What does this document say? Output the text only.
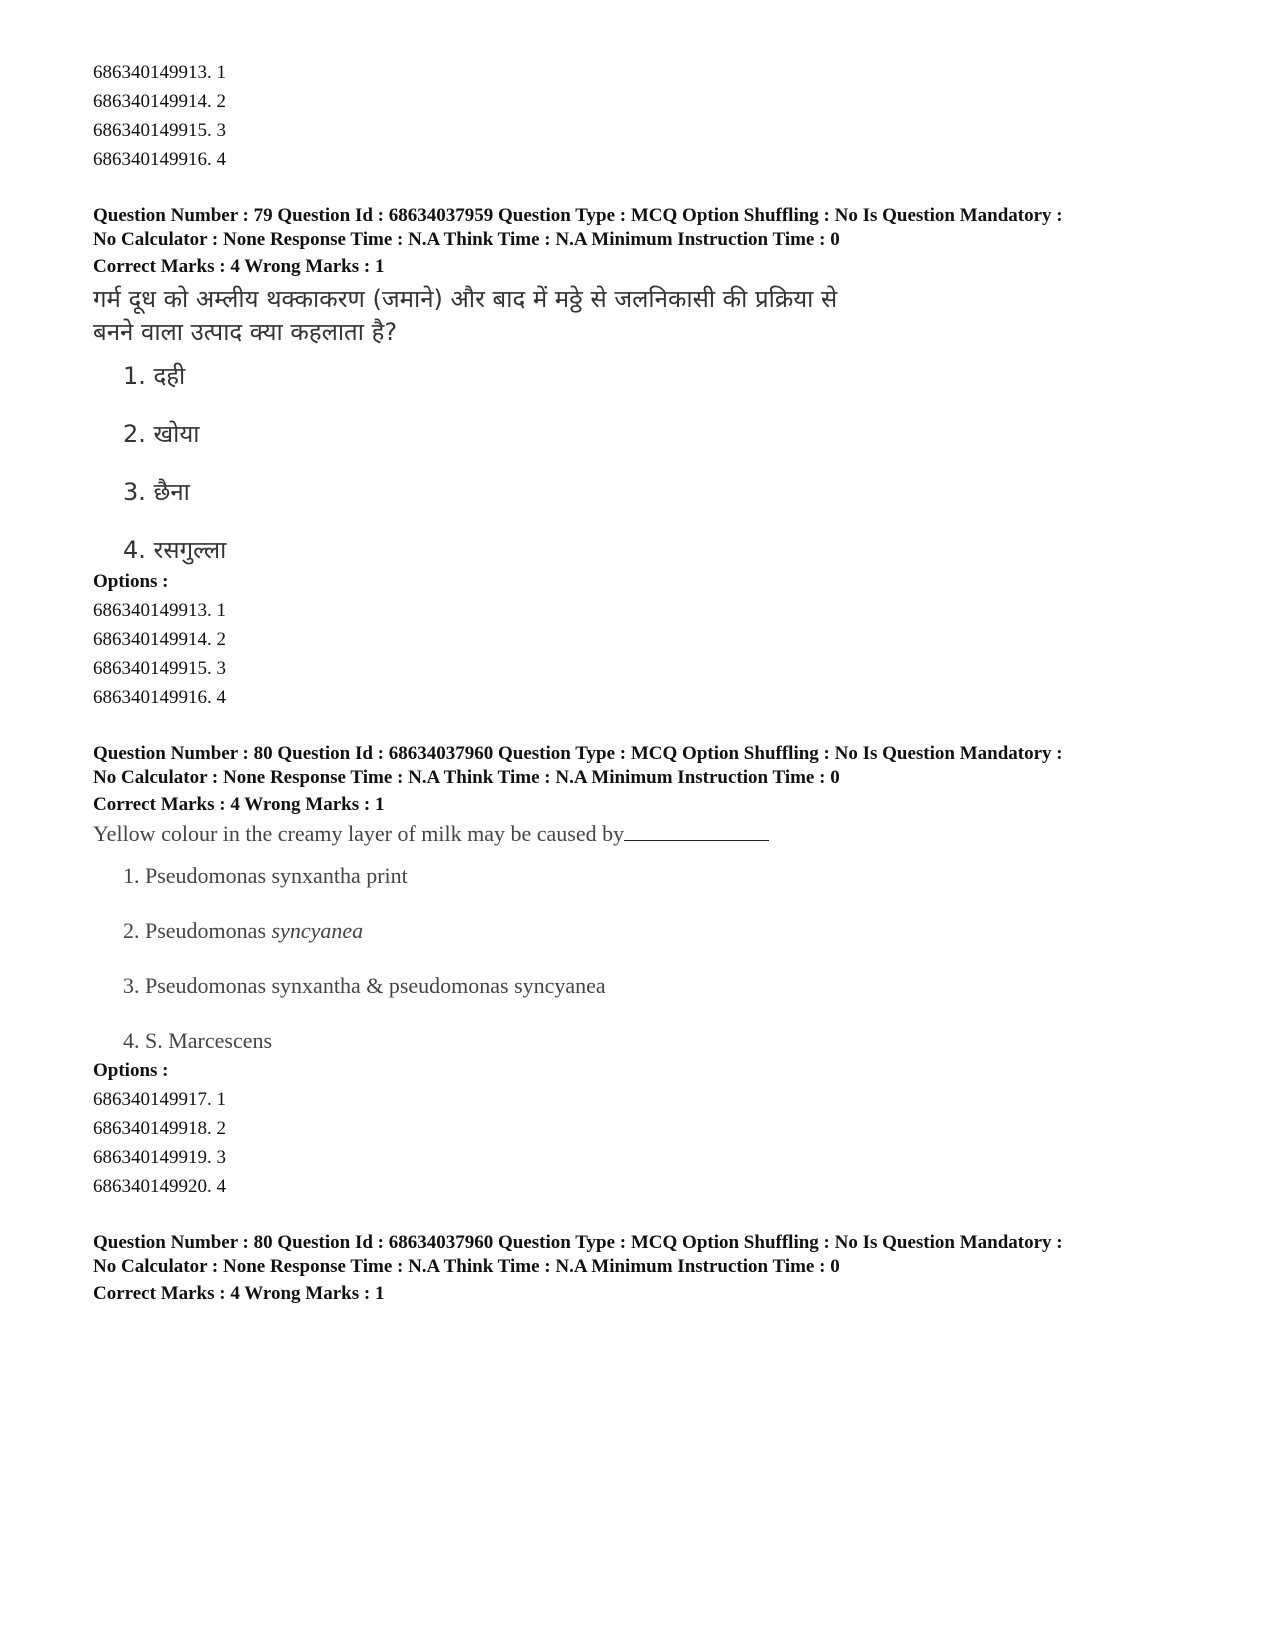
686340149913. 1
686340149914. 2
686340149915. 3
686340149916. 4
Question Number : 79 Question Id : 68634037959 Question Type : MCQ Option Shuffling : No Is Question Mandatory :
No Calculator : None Response Time : N.A Think Time : N.A Minimum Instruction Time : 0
Correct Marks : 4 Wrong Marks : 1
गर्म दूध को अम्लीय थक्काकरण (जमाने) और बाद में मठ्ठे से जलनिकासी की प्रक्रिया से
बनने वाला उत्पाद क्या कहलाता है?
1. दही
2. खोया
3. छैना
4. रसगुल्ला
Options :
686340149913. 1
686340149914. 2
686340149915. 3
686340149916. 4
Question Number : 80 Question Id : 68634037960 Question Type : MCQ Option Shuffling : No Is Question Mandatory :
No Calculator : None Response Time : N.A Think Time : N.A Minimum Instruction Time : 0
Correct Marks : 4 Wrong Marks : 1
Yellow colour in the creamy layer of milk may be caused by
1. Pseudomonas synxantha print
2. Pseudomonas syncyanea
3. Pseudomonas synxantha & pseudomonas syncyanea
4. S. Marcescens
Options :
686340149917. 1
686340149918. 2
686340149919. 3
686340149920. 4
Question Number : 80 Question Id : 68634037960 Question Type : MCQ Option Shuffling : No Is Question Mandatory :
No Calculator : None Response Time : N.A Think Time : N.A Minimum Instruction Time : 0
Correct Marks : 4 Wrong Marks : 1
